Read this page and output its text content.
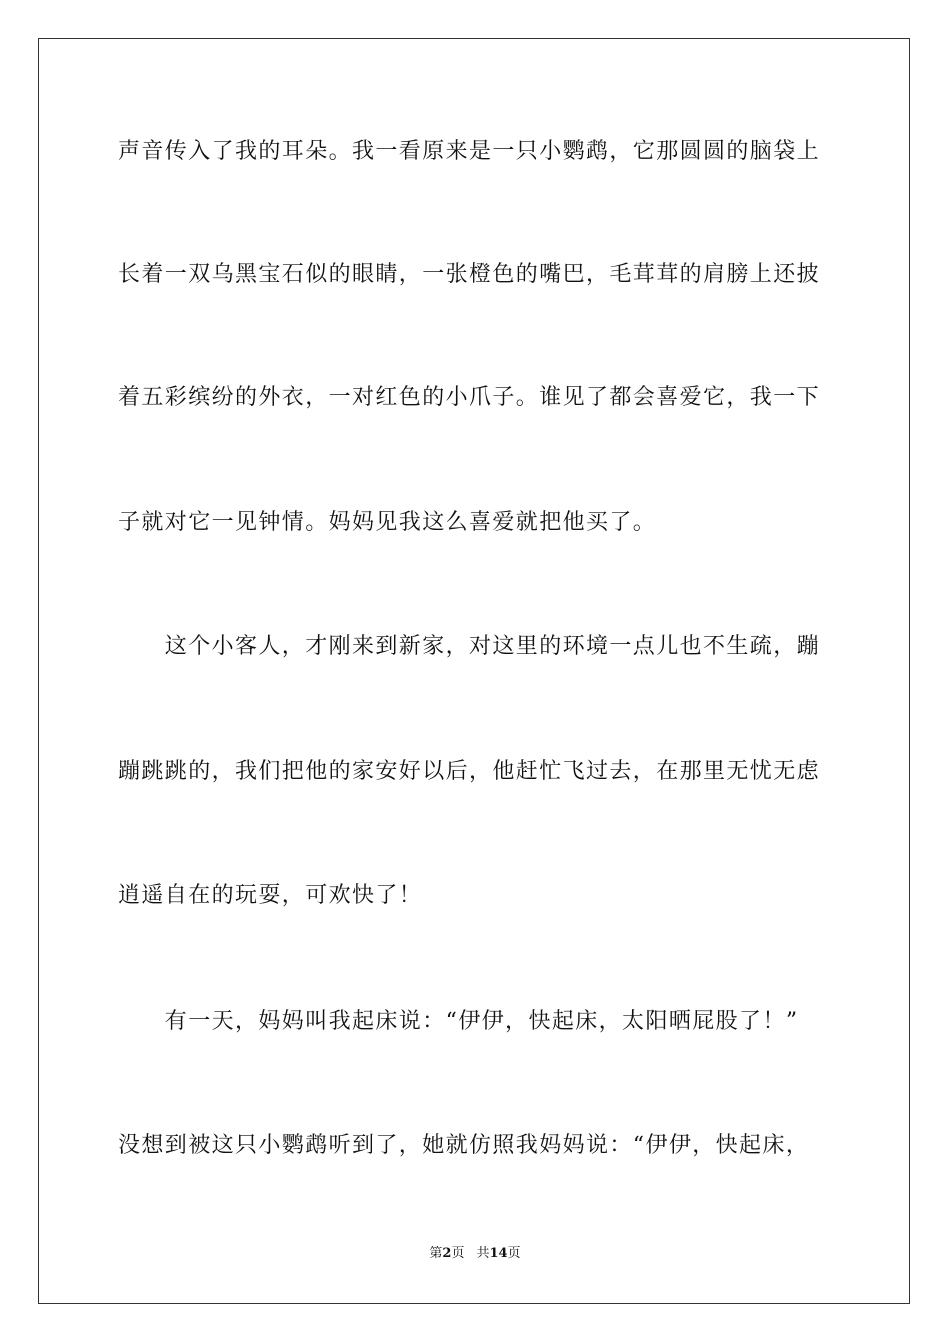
声音传入了我的耳朵。我一看原来是一只小鹦鹉，它那圆圆的脑袋上
长着一双乌黑宝石似的眼睛，一张橙色的嘴巴，毛茸茸的肩膀上还披
着五彩缤纷的外衣，一对红色的小爪子。谁见了都会喜爱它，我一下
子就对它一见钟情。妈妈见我这么喜爱就把他买了。
　　这个小客人，才刚来到新家，对这里的环境一点儿也不生疏，蹦
蹦跳跳的，我们把他的家安好以后，他赶忙飞过去，在那里无忧无虑
逍遥自在的玩耍，可欢快了！
　　有一天，妈妈叫我起床说：“伊伊，快起床，太阳晒屁股了！”
没想到被这只小鹦鹉听到了，她就仿照我妈妈说：“伊伊，快起床，
第2页 共14页
